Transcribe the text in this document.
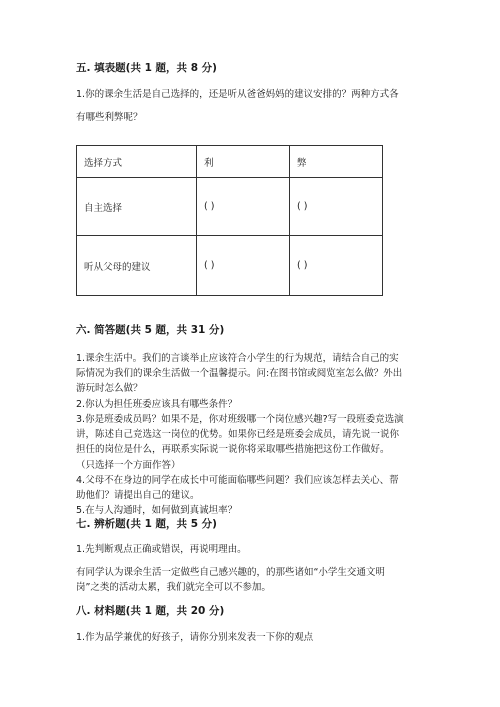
五. 填表题(共 1 题，共 8 分)
1.你的课余生活是自己选择的，还是听从爸爸妈妈的建议安排的？两种方式各
有哪些利弊呢？
选择方式	利	弊
自主选择	( )	( )
听从父母的建议	( )	( )
六. 简答题(共 5 题，共 31 分)
1.课余生活中。我们的言谈举止应该符合小学生的行为规范，请结合自己的实
际情况为我们的课余生活做一个温馨提示。问:在图书馆或阅览室怎么做？外出
游玩时怎么做？
2.你认为担任班委应该具有哪些条件？
3.你是班委成员吗？如果不是，你对班级哪一个岗位感兴趣?写一段班委竞选演
讲，陈述自己竞选这一岗位的优势。如果你已经是班委会成员，请先说一说你
担任的岗位是什么，再联系实际说一说你将采取哪些措施把这份工作做好。
（只选择一个方面作答）
4.父母不在身边的同学在成长中可能面临哪些问题？我们应该怎样去关心、帮
助他们？请提出自己的建议。
5.在与人沟通时，如何做到真诚坦率？
七. 辨析题(共 1 题，共 5 分)
1.先判断观点正确或错误，再说明理由。
有同学认为课余生活一定做些自己感兴趣的，的那些诸如“小学生交通文明
岗”之类的活动太累，我们就完全可以不参加。
八. 材料题(共 1 题，共 20 分)
1.作为品学兼优的好孩子，请你分别来发表一下你的观点
